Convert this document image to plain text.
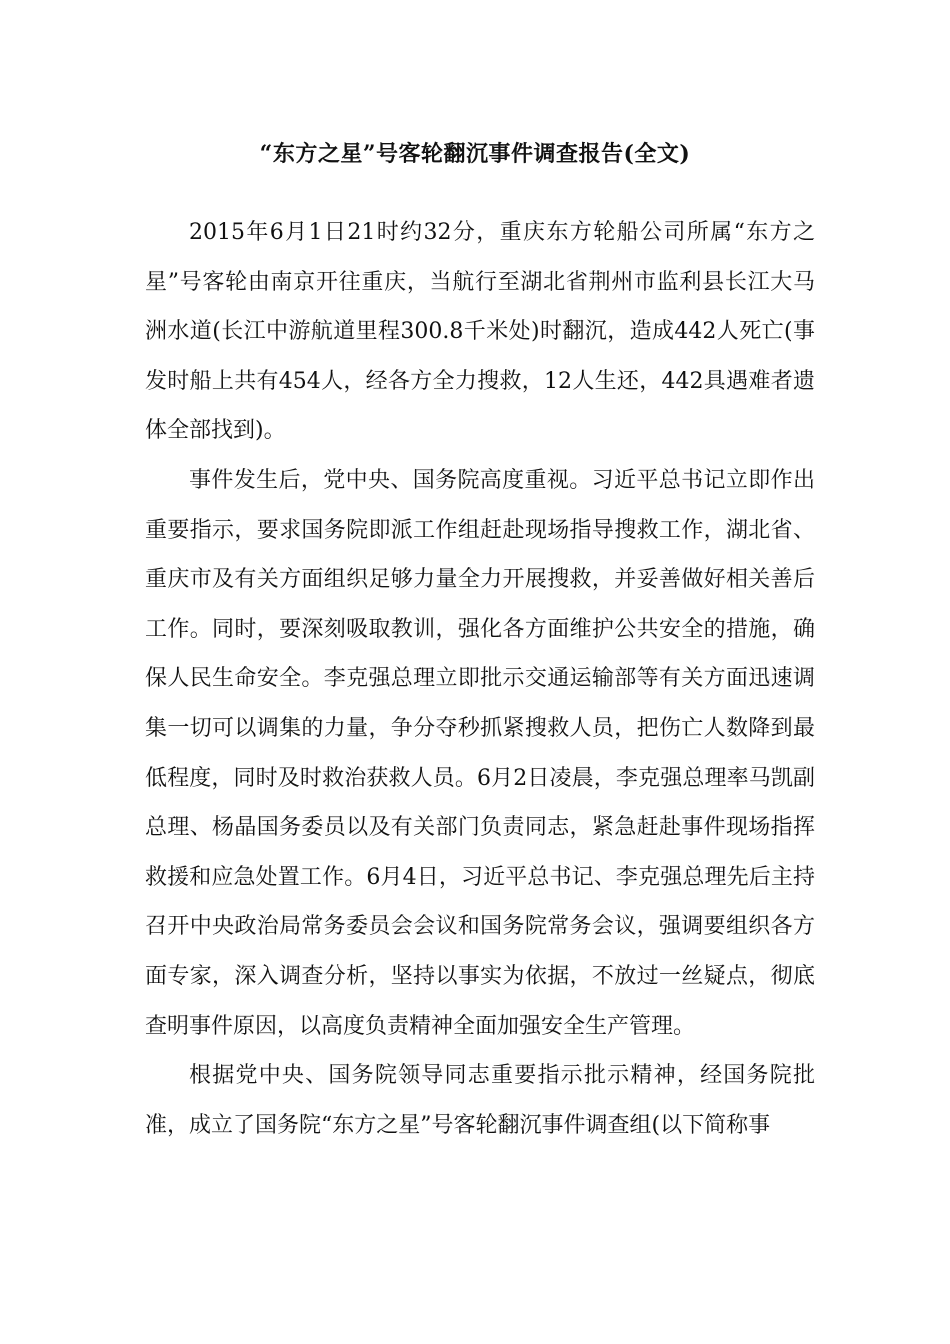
“东方之星”号客轮翻沉事件调查报告(全文)

2015年6月1日21时约32分，重庆东方轮船公司所属“东方之星”号客轮由南京开往重庆，当航行至湖北省荆州市监利县长江大马洲水道(长江中游航道里程300.8千米处)时翻沉，造成442人死亡(事发时船上共有454人，经各方全力搜救，12人生还，442具遇难者遗体全部找到)。

事件发生后，党中央、国务院高度重视。习近平总书记立即作出重要指示，要求国务院即派工作组赶赴现场指导搜救工作，湖北省、重庆市及有关方面组织足够力量全力开展搜救，并妥善做好相关善后工作。同时，要深刻吸取教训，强化各方面维护公共安全的措施，确保人民生命安全。李克强总理立即批示交通运输部等有关方面迅速调集一切可以调集的力量，争分夺秒抓紧搜救人员，把伤亡人数降到最低程度，同时及时救治获救人员。6月2日凌晨，李克强总理率马凯副总理、杨晶国务委员以及有关部门负责同志，紧急赶赴事件现场指挥救援和应急处置工作。6月4日，习近平总书记、李克强总理先后主持召开中央政治局常务委员会会议和国务院常务会议，强调要组织各方面专家，深入调查分析，坚持以事实为依据，不放过一丝疑点，彻底查明事件原因，以高度负责精神全面加强安全生产管理。

根据党中央、国务院领导同志重要指示批示精神，经国务院批准，成立了国务院“东方之星”号客轮翻沉事件调查组(以下简称事
